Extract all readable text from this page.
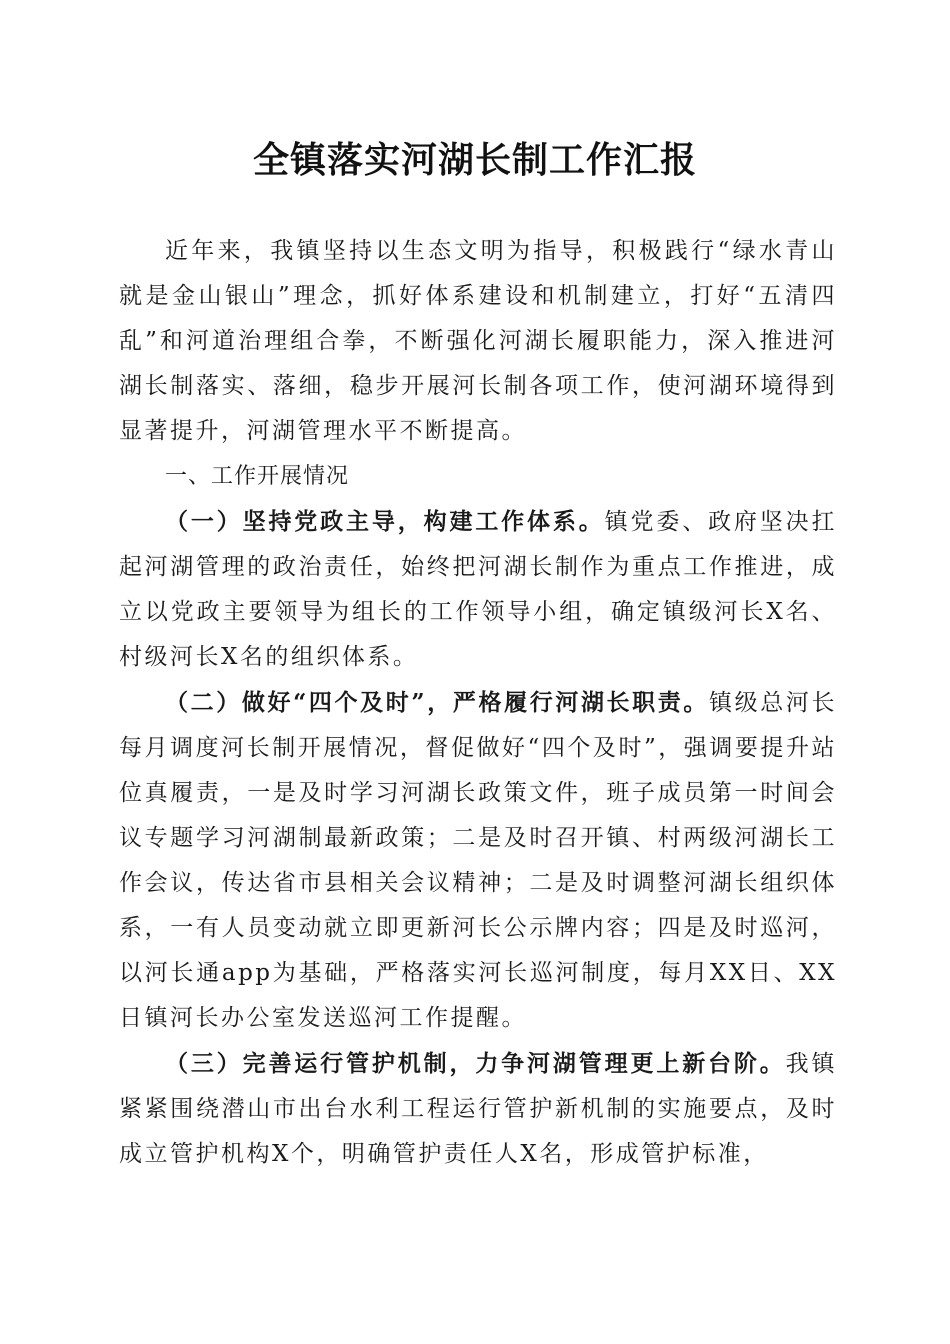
全镇落实河湖长制工作汇报

近年来，我镇坚持以生态文明为指导，积极践行“绿水青山就是金山银山”理念，抓好体系建设和机制建立，打好“五清四乱”和河道治理组合拳，不断强化河湖长履职能力，深入推进河湖长制落实、落细，稳步开展河长制各项工作，使河湖环境得到显著提升，河湖管理水平不断提高。

一、工作开展情况

（一）坚持党政主导，构建工作体系。镇党委、政府坚决扛起河湖管理的政治责任，始终把河湖长制作为重点工作推进，成立以党政主要领导为组长的工作领导小组，确定镇级河长X名、村级河长X名的组织体系。

（二）做好“四个及时”，严格履行河湖长职责。镇级总河长每月调度河长制开展情况，督促做好“四个及时”，强调要提升站位真履责，一是及时学习河湖长政策文件，班子成员第一时间会议专题学习河湖制最新政策；二是及时召开镇、村两级河湖长工作会议，传达省市县相关会议精神；二是及时调整河湖长组织体系，一有人员变动就立即更新河长公示牌内容；四是及时巡河，以河长通app为基础，严格落实河长巡河制度，每月XX日、XX日镇河长办公室发送巡河工作提醒。

（三）完善运行管护机制，力争河湖管理更上新台阶。我镇紧紧围绕潜山市出台水利工程运行管护新机制的实施要点，及时成立管护机构X个，明确管护责任人X名，形成管护标准，
